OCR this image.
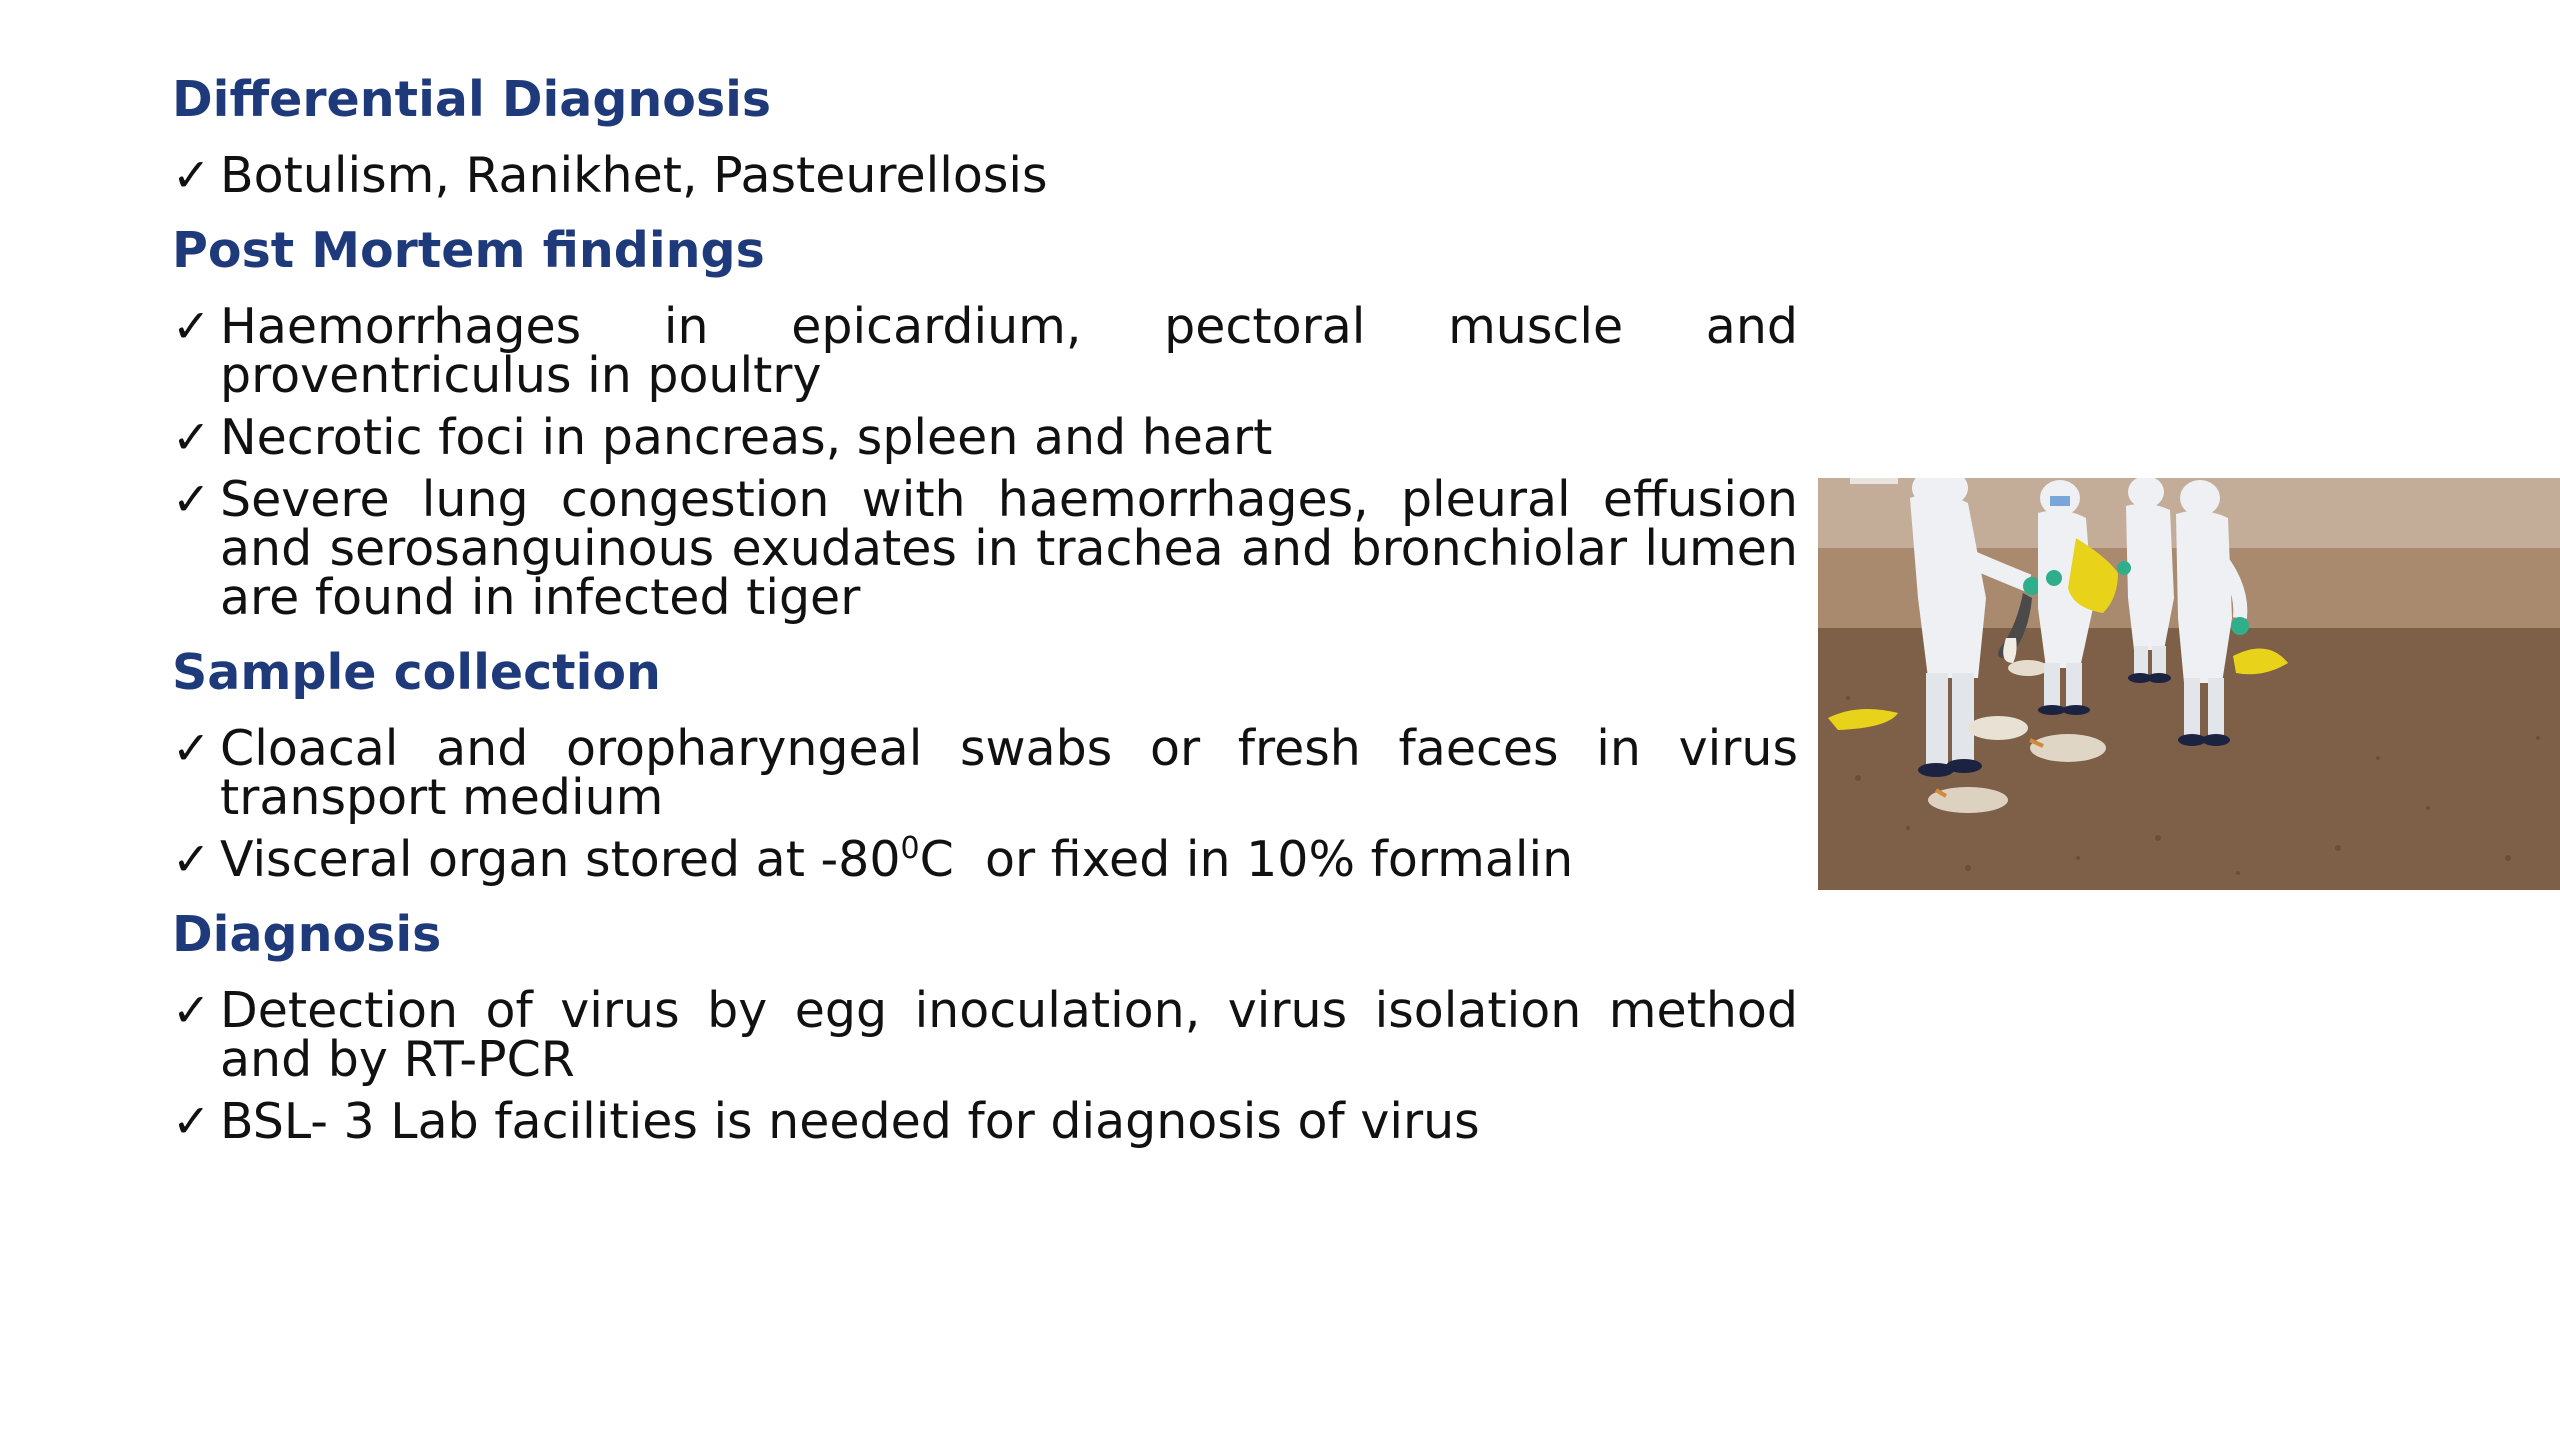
Differential Diagnosis
✓ Botulism, Ranikhet, Pasteurellosis
Post Mortem findings
✓ Haemorrhages in epicardium, pectoral muscle and proventriculus in poultry
✓ Necrotic foci in pancreas, spleen and heart
✓ Severe lung congestion with haemorrhages, pleural effusion and serosanguinous exudates in trachea and bronchiolar lumen are found in infected tiger
Sample collection
✓ Cloacal and oropharyngeal swabs or fresh faeces in virus transport medium
✓ Visceral organ stored at $-80^0C$  or fixed in 10% formalin
Diagnosis
✓ Detection of virus by egg inoculation, virus isolation method and by RT-PCR
✓ BSL- 3 Lab facilities is needed for diagnosis of virus
